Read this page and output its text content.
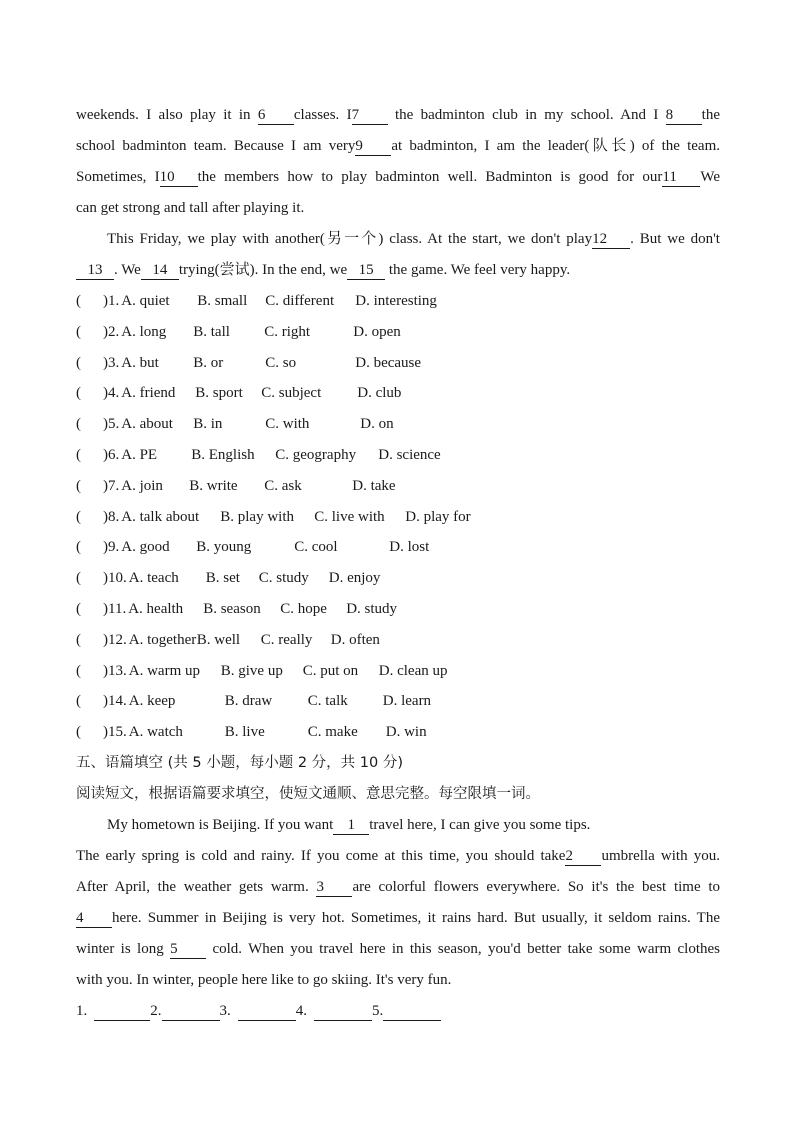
weekends. I also play it in 6 classes. I7 the badminton club in my school. And I 8 the
school badminton team. Because I am very9 at badminton, I am the leader(队长) of the team.
Sometimes, I10 the members how to play badminton well. Badminton is good for our11 We
can get strong and tall after playing it.
This Friday, we play with another(另一个) class. At the start, we don't play12 . But we don't
13 . We 14 trying(尝试). In the end, we 15 the game. We feel very happy.
(	)1. A. quiet	B. small	C. different	D. interesting
(	)2. A. long	B. tall	C. right	D. open
(	)3. A. but	B. or	C. so	D. because
(	)4. A. friend	B. sport	C. subject	D. club
(	)5. A. about	B. in	C. with	D. on
(	)6. A. PE	B. English	C. geography	D. science
(	)7. A. join	B. write	C. ask	D. take
(	)8. A. talk about	B. play with	C. live with	D. play for
(	)9. A. good	B. young	C. cool	D. lost
(	)10. A. teach	B. set	C. study	D. enjoy
(	)11. A. health	B. season	C. hope	D. study
(	)12. A. together B. well	C. really	D. often
(	)13. A. warm up	B. give up	C. put on	D. clean up
(	)14. A. keep	B. draw	C. talk	D. learn
(	)15. A. watch	B. live	C. make	D. win
五、语篇填空 (共 5 小题，每小题 2 分，共 10 分)
阅读短文，根据语篇要求填空，使短文通顺、意思完整。每空限填一词。
My hometown is Beijing. If you want 1 travel here, I can give you some tips.
The early spring is cold and rainy. If you come at this time, you should take2 umbrella with you.
After April, the weather gets warm. 3 are colorful flowers everywhere. So it's the best time to
4 here. Summer in Beijing is very hot. Sometimes, it rains hard. But usually, it seldom rains. The
winter is long 5 cold. When you travel here in this season, you'd better take some warm clothes
with you. In winter, people here like to go skiing. It's very fun.
1.	2.	3.	4.	5.
